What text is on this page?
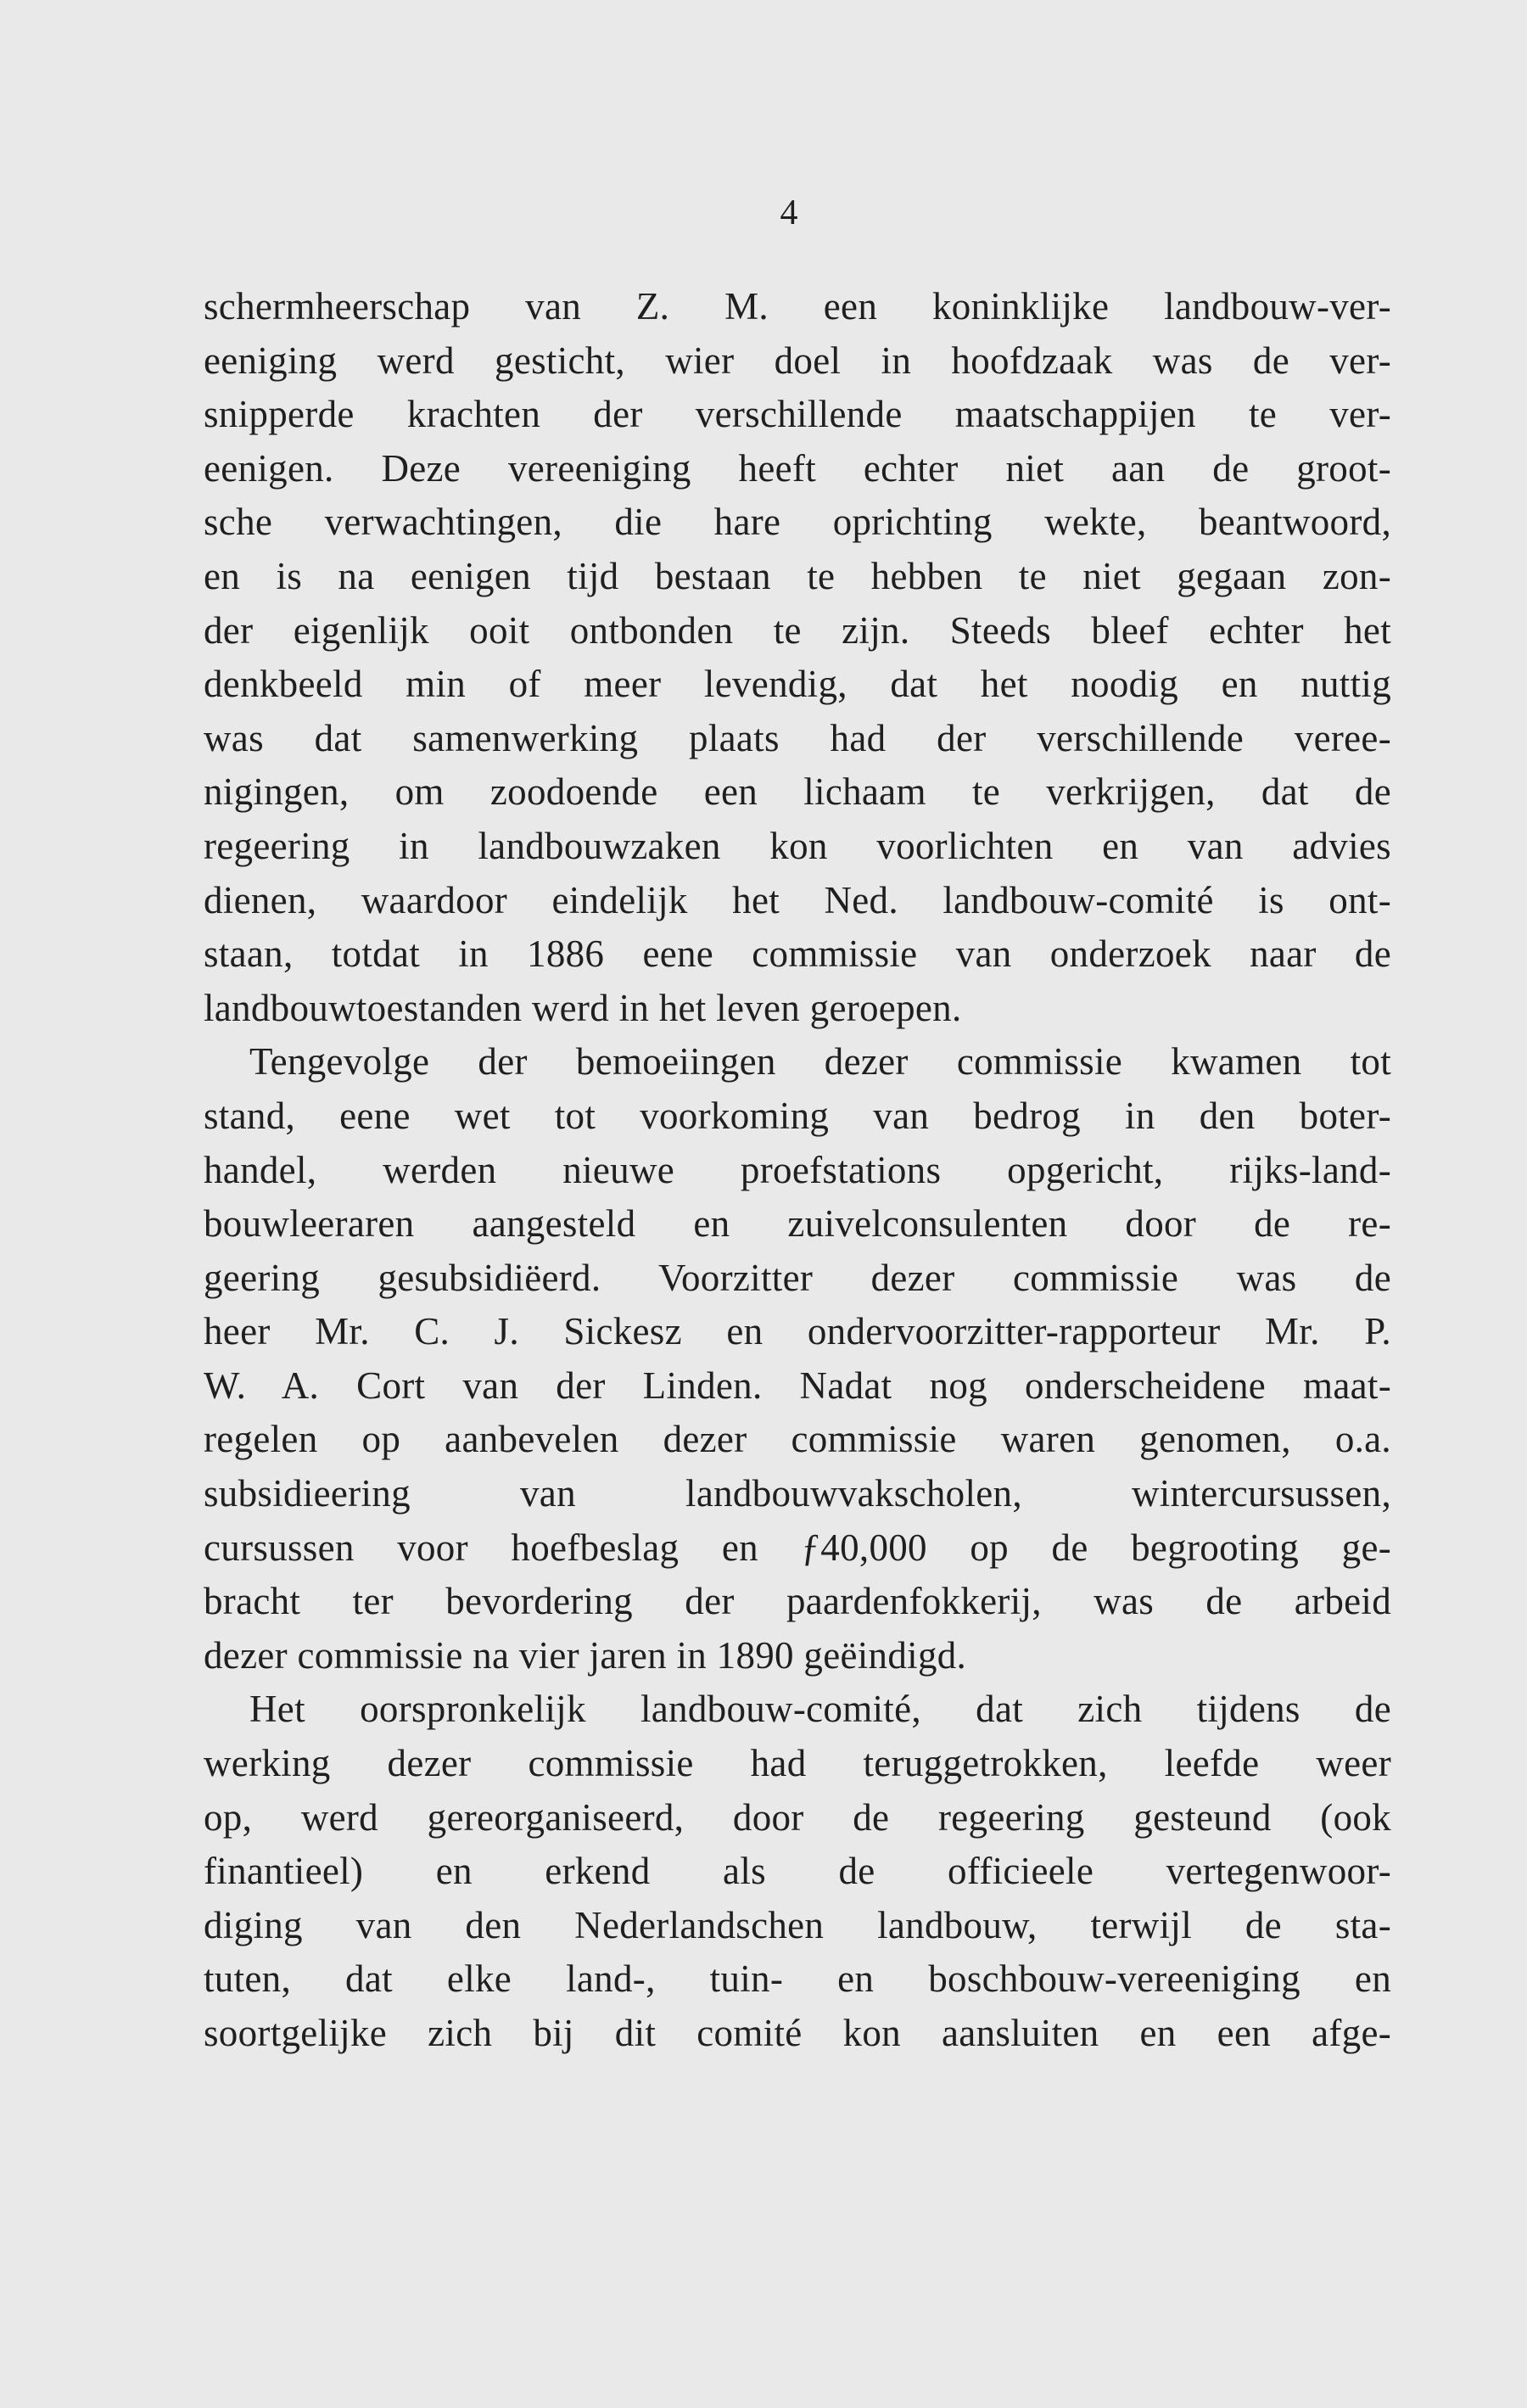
4
schermheerschap van Z. M. een koninklijke landbouw-ver-
eeniging werd gesticht, wier doel in hoofdzaak was de ver-
snipperde krachten der verschillende maatschappijen te ver-
eenigen. Deze vereeniging heeft echter niet aan de groot-
sche verwachtingen, die hare oprichting wekte, beantwoord,
en is na eenigen tijd bestaan te hebben te niet gegaan zon-
der eigenlijk ooit ontbonden te zijn. Steeds bleef echter het
denkbeeld min of meer levendig, dat het noodig en nuttig
was dat samenwerking plaats had der verschillende veree-
nigingen, om zoodoende een lichaam te verkrijgen, dat de
regeering in landbouwzaken kon voorlichten en van advies
dienen, waardoor eindelijk het Ned. landbouw-comité is ont-
staan, totdat in 1886 eene commissie van onderzoek naar de
landbouwtoestanden werd in het leven geroepen.
Tengevolge der bemoeiingen dezer commissie kwamen tot
stand, eene wet tot voorkoming van bedrog in den boter-
handel, werden nieuwe proefstations opgericht, rijks-land-
bouwleeraren aangesteld en zuivelconsulenten door de re-
geering gesubsidiëerd. Voorzitter dezer commissie was de
heer Mr. C. J. Sickesz en ondervoorzitter-rapporteur Mr. P.
W. A. Cort van der Linden. Nadat nog onderscheidene maat-
regelen op aanbevelen dezer commissie waren genomen, o.a.
subsidieering van landbouwvakscholen, wintercursussen,
cursussen voor hoefbeslag en ƒ40,000 op de begrooting ge-
bracht ter bevordering der paardenfokkerij, was de arbeid
dezer commissie na vier jaren in 1890 geëindigd.
Het oorspronkelijk landbouw-comité, dat zich tijdens de
werking dezer commissie had teruggetrokken, leefde weer
op, werd gereorganiseerd, door de regeering gesteund (ook
finantieel) en erkend als de officieele vertegenwoor-
diging van den Nederlandschen landbouw, terwijl de sta-
tuten, dat elke land-, tuin- en boschbouw-vereeniging en
soortgelijke zich bij dit comité kon aansluiten en een afge-
